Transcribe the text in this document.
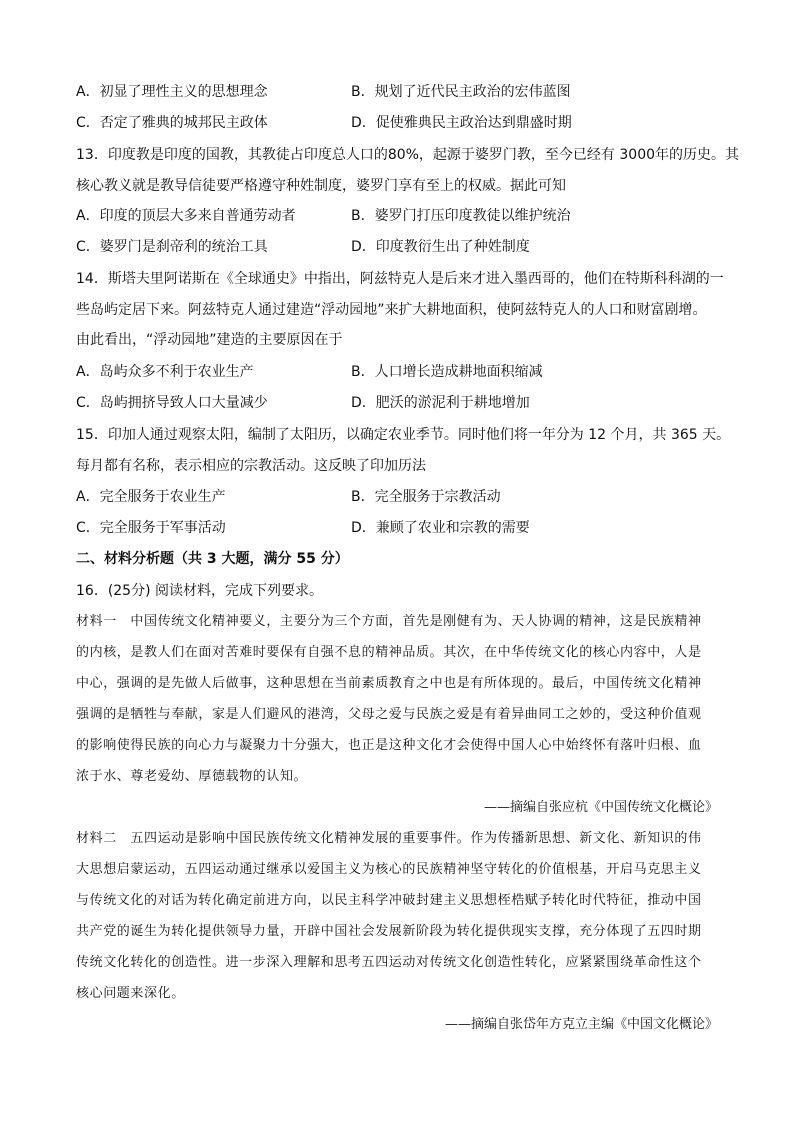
A．初显了理性主义的思想理念	B．规划了近代民主政治的宏伟蓝图
C．否定了雅典的城邦民主政体	D．促使雅典民主政治达到鼎盛时期
13．印度教是印度的国教，其教徒占印度总人口的80%，起源于婆罗门教，至今已经有 3000年的历史。其
核心教义就是教导信徒要严格遵守种姓制度，婆罗门享有至上的权威。据此可知
A．印度的顶层大多来自普通劳动者	B．婆罗门打压印度教徒以维护统治
C．婆罗门是刹帝利的统治工具	D．印度教衍生出了种姓制度
14．斯塔夫里阿诺斯在《全球通史》中指出，阿兹特克人是后来才进入墨西哥的，他们在特斯科科湖的一
些岛屿定居下来。阿兹特克人通过建造“浮动园地”来扩大耕地面积，使阿兹特克人的人口和财富剧增。
由此看出，“浮动园地”建造的主要原因在于
A．岛屿众多不利于农业生产	B．人口增长造成耕地面积缩减
C．岛屿拥挤导致人口大量减少	D．肥沃的淤泥利于耕地增加
15．印加人通过观察太阳，编制了太阳历，以确定农业季节。同时他们将一年分为 12 个月，共 365 天。
每月都有名称，表示相应的宗教活动。这反映了印加历法
A．完全服务于农业生产	B．完全服务于宗教活动
C．完全服务于军事活动	D．兼顾了农业和宗教的需要
二、材料分析题（共 3 大题，满分 55 分）
16．(25分) 阅读材料，完成下列要求。
材料一　中国传统文化精神要义，主要分为三个方面，首先是刚健有为、天人协调的精神，这是民族精神
的内核，是教人们在面对苦难时要保有自强不息的精神品质。其次，在中华传统文化的核心内容中，人是
中心，强调的是先做人后做事，这种思想在当前素质教育之中也是有所体现的。最后，中国传统文化精神
强调的是牺牲与奉献，家是人们避风的港湾，父母之爱与民族之爱是有着异曲同工之妙的，受这种价值观
的影响使得民族的向心力与凝聚力十分强大，也正是这种文化才会使得中国人心中始终怀有落叶归根、血
浓于水、尊老爱幼、厚德载物的认知。
——摘编自张应杭《中国传统文化概论》
材料二　五四运动是影响中国民族传统文化精神发展的重要事件。作为传播新思想、新文化、新知识的伟
大思想启蒙运动，五四运动通过继承以爱国主义为核心的民族精神坚守转化的价值根基，开启马克思主义
与传统文化的对话为转化确定前进方向，以民主科学冲破封建主义思想桎梏赋予转化时代特征，推动中国
共产党的诞生为转化提供领导力量，开辟中国社会发展新阶段为转化提供现实支撑，充分体现了五四时期
传统文化转化的创造性。进一步深入理解和思考五四运动对传统文化创造性转化，应紧紧围绕革命性这个
核心问题来深化。
——摘编自张岱年方克立主编《中国文化概论》
